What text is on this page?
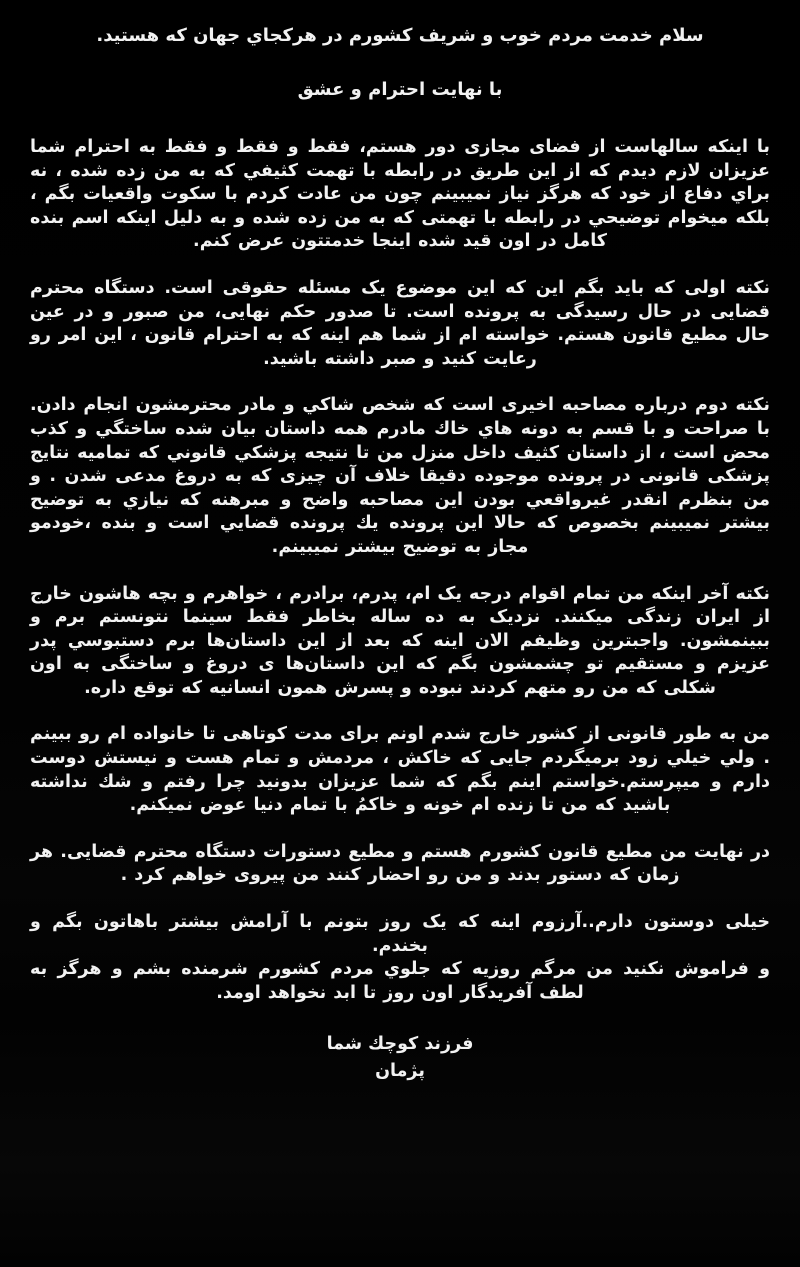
سلام خدمت مردم خوب و شریف کشورم در هرکجاي جهان که هستید.

با نهایت احترام و عشق

با اینکه سالهاست از فضای مجازی دور هستم، فقط و فقط و فقط به احترام شما عزیزان لازم دیدم که از این طریق در رابطه با تهمت کثیفي که به من زده شده ، نه براي دفاع از خود که هرگز نیاز نمیبینم چون من عادت کردم با سکوت واقعیات بگم ، بلکه میخوام توضیحي در رابطه با تهمتی که به من زده شده و به دلیل اینکه اسم بنده کامل در اون قید شده اینجا خدمتتون عرض کنم.

نکته اولی که باید بگم این که این موضوع یک مسئله حقوقی است. دستگاه محترم قضایی در حال رسیدگی به پرونده است. تا صدور حکم نهایی، من صبور و در عین حال مطیع قانون هستم. خواسته ام از شما هم اینه که به احترام قانون ، این امر رو رعایت کنید و صبر داشته باشید.

نکته دوم درباره مصاحبه اخیری است که شخص شاکي و مادر محترمشون انجام دادن. با صراحت و با قسم به دونه هاي خاك مادرم همه داستان بیان شده ساختگي و کذب محض است ، از داستان کثیف داخل منزل من تا نتیجه پزشکي قانوني که تمامیه نتایج پزشکی قانونی در پرونده موجوده دقیقا خلاف آن چیزی که به دروغ مدعی شدن . و من بنظرم انقدر غیرواقعي بودن این مصاحبه واضح و مبرهنه که نیازي به توضیح بیشتر نمیبینم بخصوص که حالا این پرونده یك پرونده قضایي است و بنده ،خودمو مجاز به توضیح بیشتر نمیبینم.

نکته آخر اینکه من تمام اقوام درجه یک ام، پدرم، برادرم ، خواهرم و بچه هاشون خارج از ایران زندگی میکنند. نزدیک به ده ساله بخاطر فقط سینما نتونستم برم و ببینمشون. واجبترین وظیفم الان اینه که بعد از این داستان‌ها برم دستبوسي پدر عزیزم و مستقیم تو چشمشون بگم که این داستان‌ها ی دروغ و ساختگی به اون شکلی که من رو متهم کردند نبوده و پسرش همون انسانیه که توقع داره.

من به طور قانونی از کشور خارج شدم اونم برای مدت کوتاهی تا خانواده ام رو ببینم . ولي خیلي زود برمیگردم جایی که خاکش ، مردمش و تمام هست و نیستش دوست دارم و میپرستم.خواستم اینم بگم که شما عزیزان بدونید چرا رفتم و شك نداشته باشید که من تا زنده ام خونه و خاکمُ با تمام دنیا عوض نمیکنم.

در نهایت من مطیع قانون کشورم هستم و مطیع دستورات دستگاه محترم قضایی. هر زمان که دستور بدند و من رو احضار کنند من پیروی خواهم کرد .

خیلی دوستون دارم..آرزوم اینه که یک روز بتونم با آرامش بیشتر باهاتون بگم و بخندم.

و فراموش نکنید من مرگم روزیه که جلوي مردم کشورم شرمنده بشم و هرگز به لطف آفریدگار اون روز تا ابد نخواهد اومد.

فرزند کوچك شما

پژمان
